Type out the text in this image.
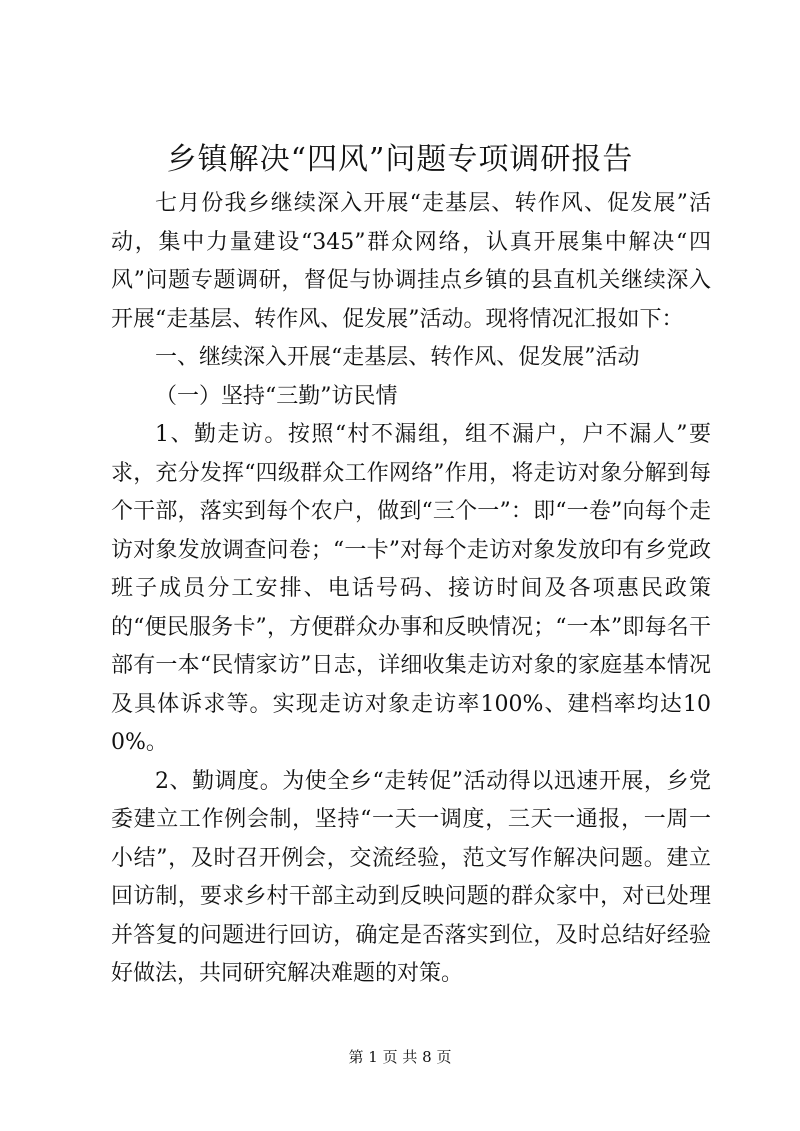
乡镇解决“四风”问题专项调研报告

七月份我乡继续深入开展“走基层、转作风、促发展”活动，集中力量建设“345”群众网络，认真开展集中解决“四风”问题专题调研，督促与协调挂点乡镇的县直机关继续深入开展“走基层、转作风、促发展”活动。现将情况汇报如下：

一、继续深入开展“走基层、转作风、促发展”活动

（一）坚持“三勤”访民情

1、勤走访。按照“村不漏组，组不漏户，户不漏人”要求，充分发挥“四级群众工作网络”作用，将走访对象分解到每个干部，落实到每个农户，做到“三个一”：即“一卷”向每个走访对象发放调查问卷；“一卡”对每个走访对象发放印有乡党政班子成员分工安排、电话号码、接访时间及各项惠民政策的“便民服务卡”，方便群众办事和反映情况；“一本”即每名干部有一本“民情家访”日志，详细收集走访对象的家庭基本情况及具体诉求等。实现走访对象走访率100%、建档率均达100%。

2、勤调度。为使全乡“走转促”活动得以迅速开展，乡党委建立工作例会制，坚持“一天一调度，三天一通报，一周一小结”，及时召开例会，交流经验，范文写作解决问题。建立回访制，要求乡村干部主动到反映问题的群众家中，对已处理并答复的问题进行回访，确定是否落实到位，及时总结好经验好做法，共同研究解决难题的对策。

第 1 页 共 8 页
